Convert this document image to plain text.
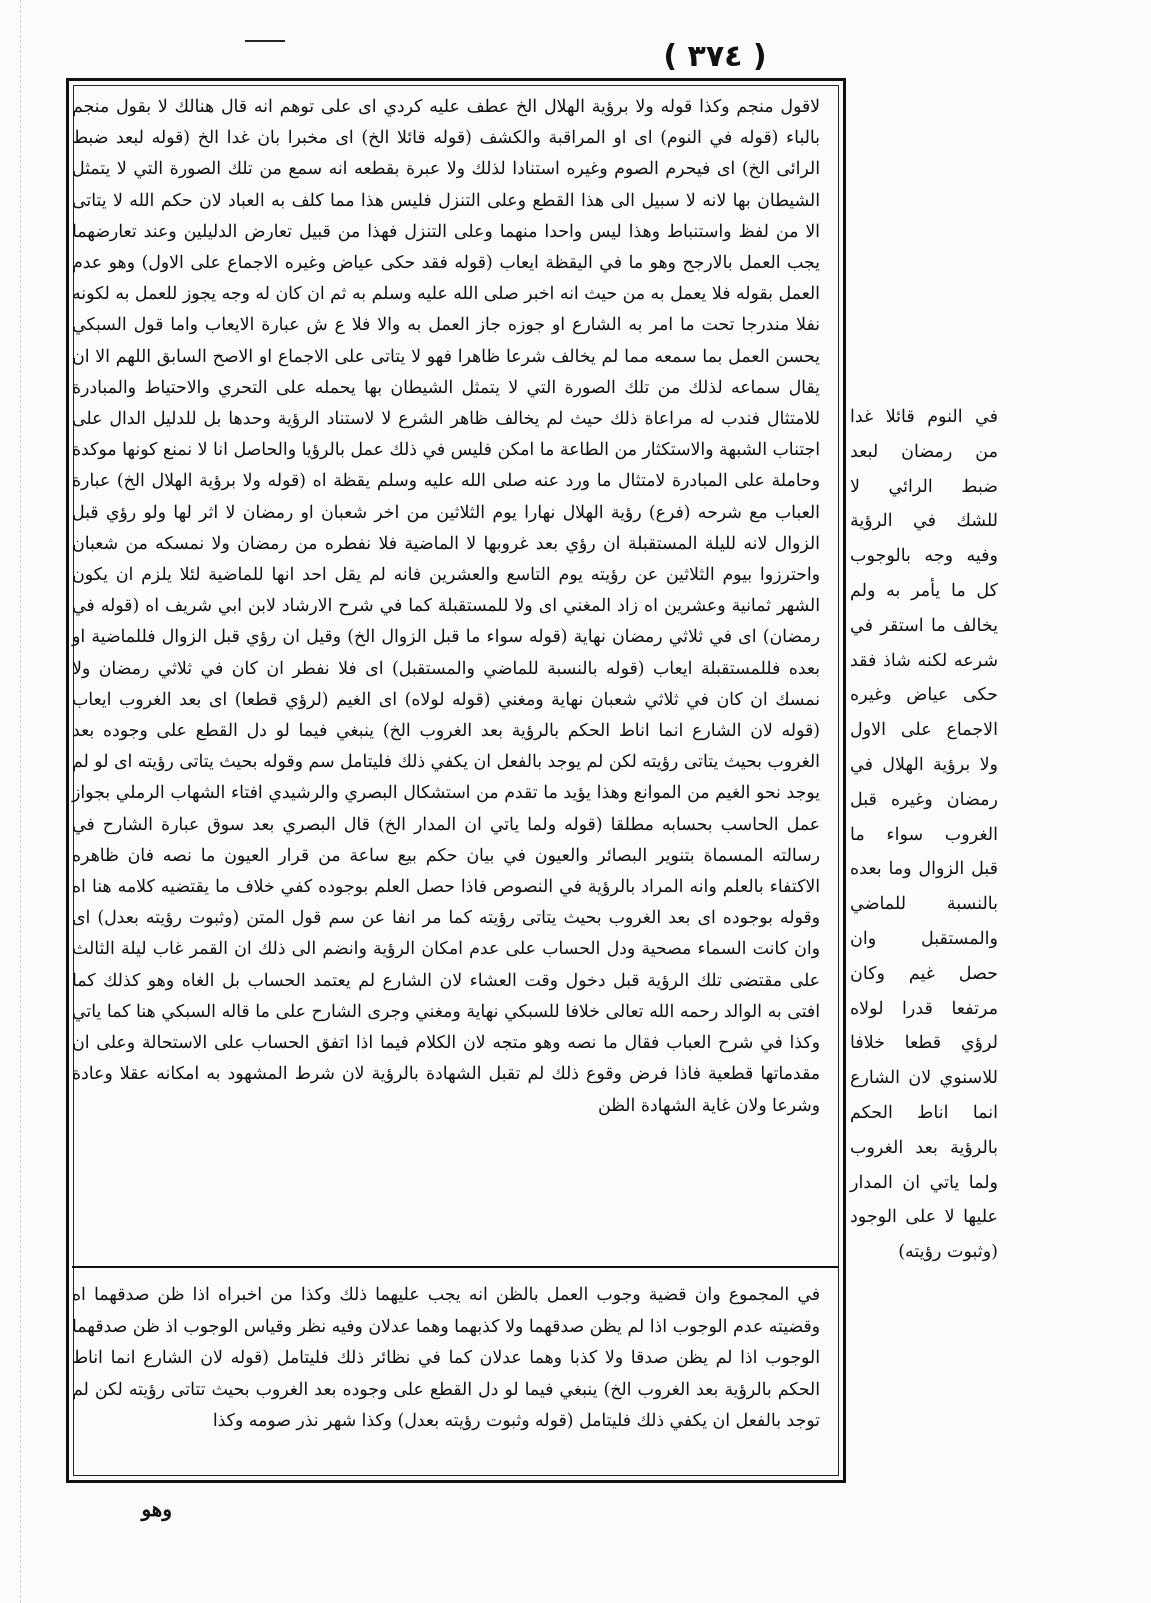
( ٣٧٤ )
لاقول منجم وكذا قوله ولا برؤية الهلال الخ عطف عليه كردي اى على توهم انه قال هنالك لا بقول منجم بالباء (قوله في النوم) اى او المراقبة والكشف (قوله قائلا الخ) اى مخبرا بان غدا الخ (قوله لبعد ضبط الرائى الخ) اى فيحرم الصوم وغيره استنادا لذلك ولا عبرة بقطعه انه سمع من تلك الصورة التي لا يتمثل الشيطان بها لانه لا سبيل الى هذا القطع وعلى التنزل فليس هذا مما كلف به العباد لان حكم الله لا يتاتى الا من لفظ واستنباط وهذا ليس واحدا منهما وعلى التنزل فهذا من قبيل تعارض الدليلين وعند تعارضهما يجب العمل بالارجح وهو ما في اليقظة ايعاب (قوله فقد حكى عياض وغيره الاجماع على الاول) وهو عدم العمل بقوله فلا يعمل به من حيث انه اخبر صلى الله عليه وسلم به ثم ان كان له وجه يجوز للعمل به لكونه نفلا مندرجا تحت ما امر به الشارع او جوزه جاز العمل به والا فلا ع ش عبارة الايعاب واما قول السبكي يحسن العمل بما سمعه مما لم يخالف شرعا ظاهرا فهو لا يتاتى على الاجماع او الاصح السابق اللهم الا ان يقال سماعه لذلك من تلك الصورة التي لا يتمثل الشيطان بها يحمله على التحري والاحتياط والمبادرة للامتثال فندب له مراعاة ذلك حيث لم يخالف ظاهر الشرع لا لاستناد الرؤية وحدها بل للدليل الدال على اجتناب الشبهة والاستكثار من الطاعة ما امكن فليس في ذلك عمل بالرؤيا والحاصل انا لا نمنع كونها موكدة وحاملة على المبادرة لامتثال ما ورد عنه صلى الله عليه وسلم يقظة اه (قوله ولا برؤية الهلال الخ) عبارة العباب مع شرحه (فرع) رؤية الهلال نهارا يوم الثلاثين من اخر شعبان او رمضان لا اثر لها ولو رؤي قبل الزوال لانه لليلة المستقبلة ان رؤي بعد غروبها لا الماضية فلا نفطره من رمضان ولا نمسكه من شعبان واحترزوا بيوم الثلاثين عن رؤيته يوم التاسع والعشرين فانه لم يقل احد انها للماضية لئلا يلزم ان يكون الشهر ثمانية وعشرين اه زاد المغني اى ولا للمستقبلة كما في شرح الارشاد لابن ابي شريف اه (قوله في رمضان) اى في ثلاثي رمضان نهاية (قوله سواء ما قبل الزوال الخ) وقيل ان رؤي قبل الزوال فللماضية او بعده فللمستقبلة ايعاب (قوله بالنسبة للماضي والمستقبل) اى فلا نفطر ان كان في ثلاثي رمضان ولا نمسك ان كان في ثلاثي شعبان نهاية ومغني (قوله لولاه) اى الغيم (لرؤي قطعا) اى بعد الغروب ايعاب (قوله لان الشارع انما اناط الحكم بالرؤية بعد الغروب الخ) ينبغي فيما لو دل القطع على وجوده بعد الغروب بحيث يتاتى رؤيته لكن لم يوجد بالفعل ان يكفي ذلك فليتامل سم وقوله بحيث يتاتى رؤيته اى لو لم يوجد نحو الغيم من الموانع وهذا يؤيد ما تقدم من استشكال البصري والرشيدي افتاء الشهاب الرملي بجواز عمل الحاسب بحسابه مطلقا (قوله ولما ياتي ان المدار الخ) قال البصري بعد سوق عبارة الشارح في رسالته المسماة بتنوير البصائر والعيون في بيان حكم بيع ساعة من قرار العيون ما نصه فان ظاهره الاكتفاء بالعلم وانه المراد بالرؤية في النصوص فاذا حصل العلم بوجوده كفي خلاف ما يقتضيه كلامه هنا اه وقوله بوجوده اى بعد الغروب بحيث يتاتى رؤيته كما مر انفا عن سم قول المتن (وثبوت رؤيته بعدل) اى وان كانت السماء مصحية ودل الحساب على عدم امكان الرؤية وانضم الى ذلك ان القمر غاب ليلة الثالث على مقتضى تلك الرؤية قبل دخول وقت العشاء لان الشارع لم يعتمد الحساب بل الغاه وهو كذلك كما افتى به الوالد رحمه الله تعالى خلافا للسبكي نهاية ومغني وجرى الشارح على ما قاله السبكي هنا كما ياتي وكذا في شرح العباب فقال ما نصه وهو متجه لان الكلام فيما اذا اتفق الحساب على الاستحالة وعلى ان مقدماتها قطعية فاذا فرض وقوع ذلك لم تقبل الشهادة بالرؤية لان شرط المشهود به امكانه عقلا وعادة وشرعا ولان غاية الشهادة الظن
في المجموع وان قضية وجوب العمل بالظن انه يجب عليهما ذلك وكذا من اخبراه اذا ظن صدقهما اه وقضيته عدم الوجوب اذا لم يظن صدقهما ولا كذبهما وهما عدلان وفيه نظر وقياس الوجوب اذ ظن صدقهما الوجوب اذا لم يظن صدقا ولا كذبا وهما عدلان كما في نظائر ذلك فليتامل (قوله لان الشارع انما اناط الحكم بالرؤية بعد الغروب الخ) ينبغي فيما لو دل القطع على وجوده بعد الغروب بحيث تتاتى رؤيته لكن لم توجد بالفعل ان يكفي ذلك فليتامل (قوله وثبوت رؤيته بعدل) وكذا شهر نذر صومه وكذا
في النوم قائلا غدا من رمضان لبعد ضبط الرائي لا للشك في الرؤية وفيه وجه بالوجوب كل ما يأمر به ولم يخالف ما استقر في شرعه لكنه شاذ فقد حكى عياض وغيره الاجماع على الاول ولا برؤية الهلال في رمضان وغيره قبل الغروب سواء ما قبل الزوال وما بعده بالنسبة للماضي والمستقبل وان حصل غيم وكان مرتفعا قدرا لولاه لرؤي قطعا خلافا للاسنوي لان الشارع انما اناط الحكم بالرؤية بعد الغروب ولما ياتي ان المدار عليها لا على الوجود (وثبوت رؤيته)
وهو
